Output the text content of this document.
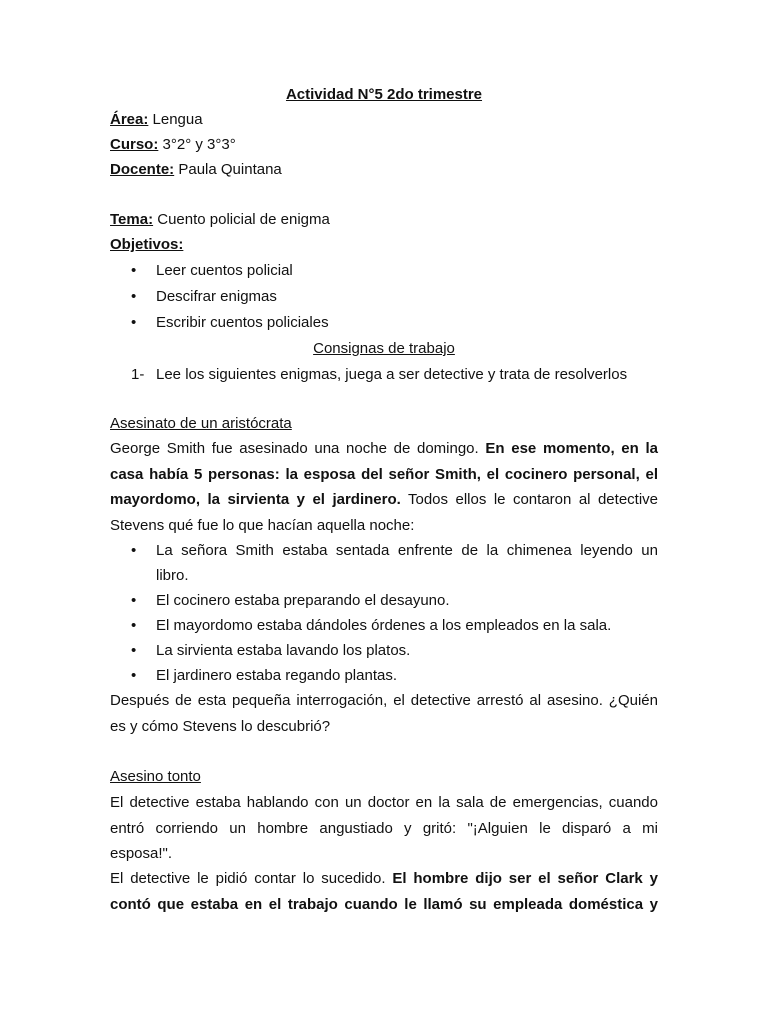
Actividad N°5 2do trimestre
Área: Lengua
Curso: 3°2° y 3°3°
Docente: Paula Quintana
Tema: Cuento policial de enigma
Objetivos:
• Leer cuentos policial
• Descifrar enigmas
• Escribir cuentos policiales
Consignas de trabajo
1- Lee los siguientes enigmas, juega a ser detective y trata de resolverlos
Asesinato de un aristócrata
George Smith fue asesinado una noche de domingo. En ese momento, en la
casa había 5 personas: la esposa del señor Smith, el cocinero personal, el
mayordomo, la sirvienta y el jardinero. Todos ellos le contaron al detective
Stevens qué fue lo que hacían aquella noche:
• La señora Smith estaba sentada enfrente de la chimenea leyendo un
libro.
• El cocinero estaba preparando el desayuno.
• El mayordomo estaba dándoles órdenes a los empleados en la sala.
• La sirvienta estaba lavando los platos.
• El jardinero estaba regando plantas.
Después de esta pequeña interrogación, el detective arrestó al asesino. ¿Quién
es y cómo Stevens lo descubrió?
Asesino tonto
El detective estaba hablando con un doctor en la sala de emergencias, cuando
entró corriendo un hombre angustiado y gritó: "¡Alguien le disparó a mi
esposa!".
El detective le pidió contar lo sucedido. El hombre dijo ser el señor Clark y
contó que estaba en el trabajo cuando le llamó su empleada doméstica y
